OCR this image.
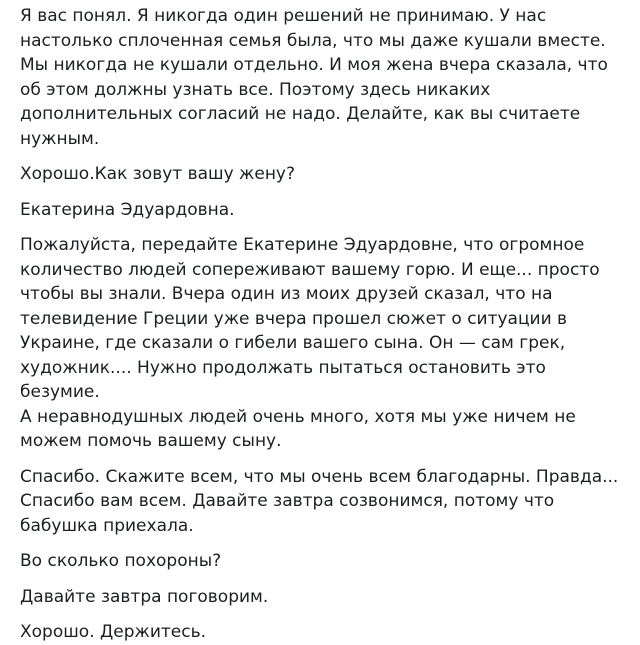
Я вас понял. Я никогда один решений не принимаю. У нас
настолько сплоченная семья была, что мы даже кушали вместе.
Мы никогда не кушали отдельно. И моя жена вчера сказала, что
об этом должны узнать все. Поэтому здесь никаких
дополнительных согласий не надо. Делайте, как вы считаете
нужным.

Хорошо.Как зовут вашу жену?

Екатерина Эдуардовна.

Пожалуйста, передайте Екатерине Эдуардовне, что огромное
количество людей сопереживают вашему горю. И еще... просто
чтобы вы знали. Вчера один из моих друзей сказал, что на
телевидение Греции уже вчера прошел сюжет о ситуации в
Украине, где сказали о гибели вашего сына. Он — сам грек,
художник.... Нужно продолжать пытаться остановить это безумие.
А неравнодушных людей очень много, хотя мы уже ничем не
можем помочь вашему сыну.

Спасибо. Скажите всем, что мы очень всем благодарны. Правда...
Спасибо вам всем. Давайте завтра созвонимся, потому что
бабушка приехала.

Во сколько похороны?

Давайте завтра поговорим.

Хорошо. Держитесь.
